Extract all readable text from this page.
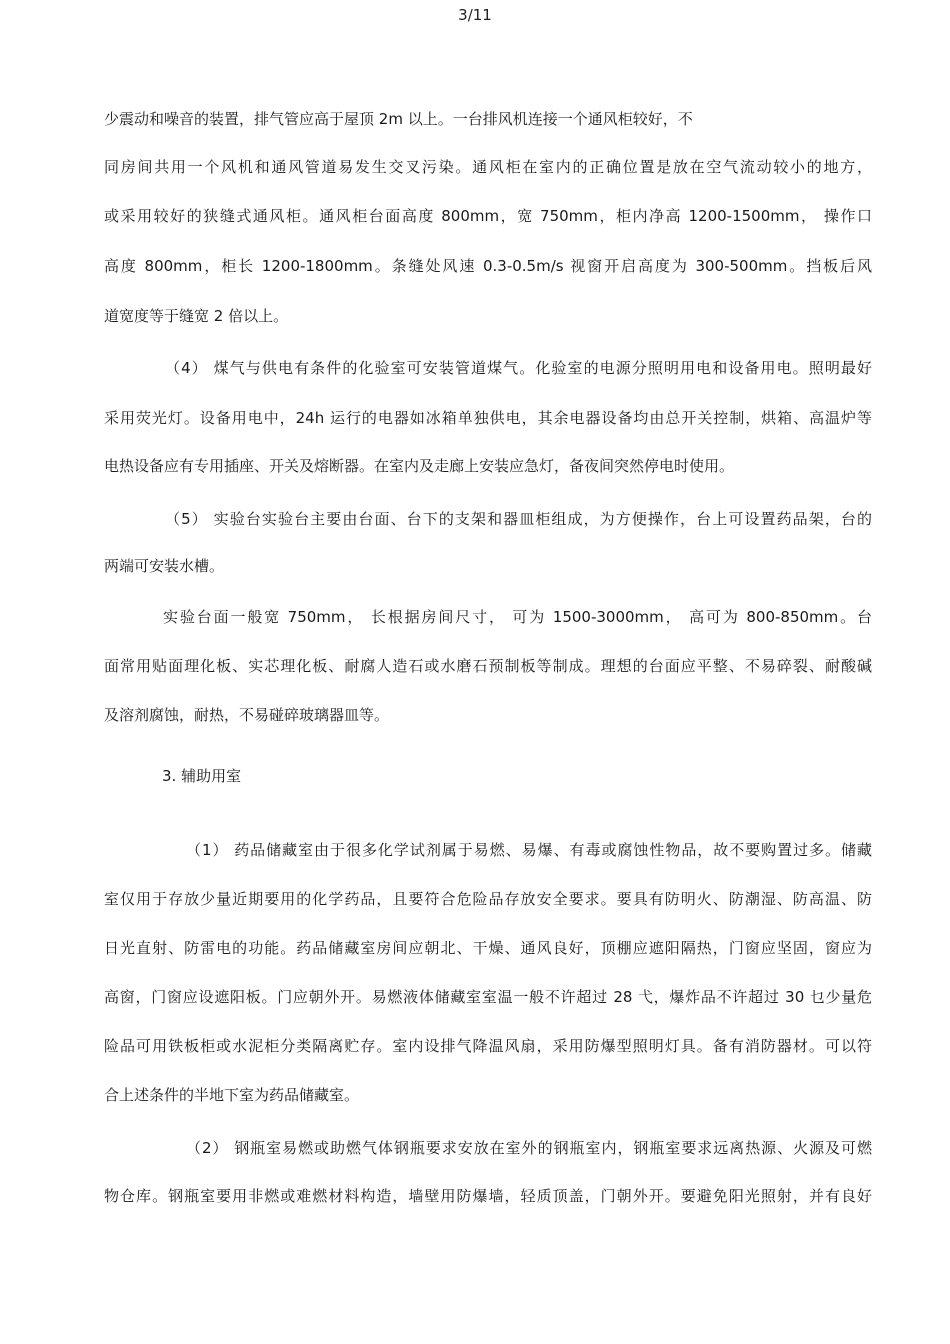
3/11
少震动和噪音的装置，排气管应高于屋顶 2m 以上。一台排风机连接一个通风柜较好，不
同房间共用一个风机和通风管道易发生交叉污染。通风柜在室内的正确位置是放在空气流动较小的地方，
或采用较好的狭缝式通风柜。通风柜台面高度 800mm，宽 750mm，柜内净高 1200-1500mm， 操作口
高度 800mm，柜长 1200-1800mm。条缝处风速 0.3-0.5m/s 视窗开启高度为 300-500mm。挡板后风
道宽度等于缝宽 2 倍以上。
（4） 煤气与供电有条件的化验室可安装管道煤气。化验室的电源分照明用电和设备用电。照明最好
采用荧光灯。设备用电中，24h 运行的电器如冰箱单独供电，其余电器设备均由总开关控制，烘箱、高温炉等
电热设备应有专用插座、开关及熔断器。在室内及走廊上安装应急灯，备夜间突然停电时使用。
（5） 实验台实验台主要由台面、台下的支架和器皿柜组成，为方便操作，台上可设置药品架，台的
两端可安装水槽。
实验台面一般宽 750mm， 长根据房间尺寸， 可为 1500-3000mm， 高可为 800-850mm。台
面常用贴面理化板、实芯理化板、耐腐人造石或水磨石预制板等制成。理想的台面应平整、不易碎裂、耐酸碱
及溶剂腐蚀，耐热，不易碰碎玻璃器皿等。
3. 辅助用室
（1） 药品储藏室由于很多化学试剂属于易燃、易爆、有毒或腐蚀性物品，故不要购置过多。储藏
室仅用于存放少量近期要用的化学药品，且要符合危险品存放安全要求。要具有防明火、防潮湿、防高温、防
日光直射、防雷电的功能。药品储藏室房间应朝北、干燥、通风良好，顶棚应遮阳隔热，门窗应坚固，窗应为
高窗，门窗应设遮阳板。门应朝外开。易燃液体储藏室室温一般不许超过 28 弋，爆炸品不许超过 30 乜少量危
险品可用铁板柜或水泥柜分类隔离贮存。室内设排气降温风扇，采用防爆型照明灯具。备有消防器材。可以符
合上述条件的半地下室为药品储藏室。
（2） 钢瓶室易燃或助燃气体钢瓶要求安放在室外的钢瓶室内，钢瓶室要求远离热源、火源及可燃
物仓库。钢瓶室要用非燃或难燃材料构造，墙壁用防爆墙，轻质顶盖，门朝外开。要避免阳光照射，并有良好
